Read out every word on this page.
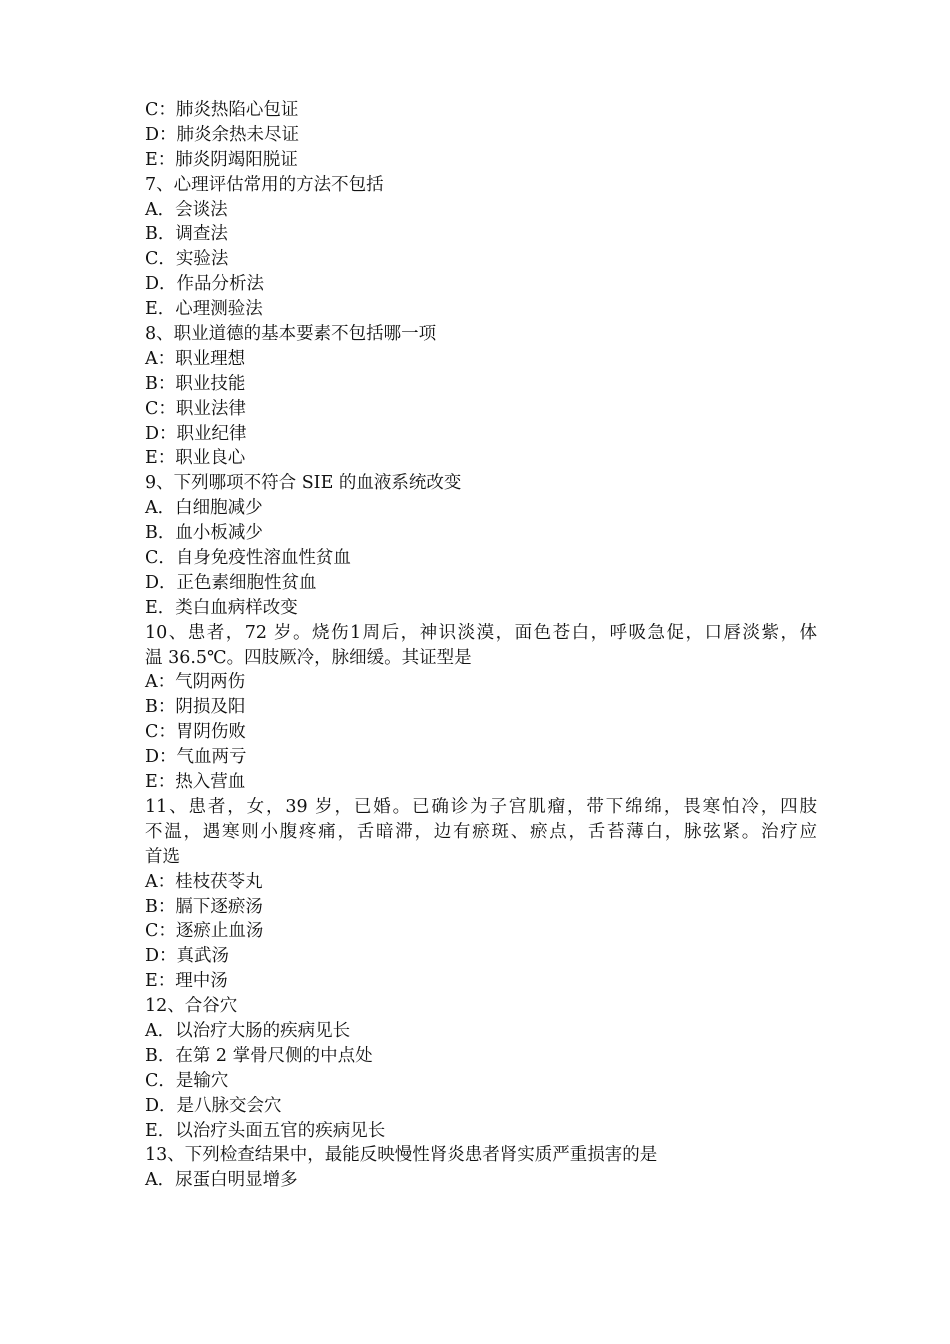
C：肺炎热陷心包证
D：肺炎余热未尽证
E：肺炎阴竭阳脱证
7、心理评估常用的方法不包括
A．会谈法
B．调查法
C．实验法
D．作品分析法
E．心理测验法
8、职业道德的基本要素不包括哪一项
A：职业理想
B：职业技能
C：职业法律
D：职业纪律
E：职业良心
9、下列哪项不符合 SIE 的血液系统改变
A．白细胞减少
B．血小板减少
C．自身免疫性溶血性贫血
D．正色素细胞性贫血
E．类白血病样改变
10、患者，72 岁。烧伤1周后，神识淡漠，面色苍白，呼吸急促，口唇淡紫，体
温 36.5℃。四肢厥冷，脉细缓。其证型是
A：气阴两伤
B：阴损及阳
C：胃阴伤败
D：气血两亏
E：热入营血
11、患者，女，39 岁，已婚。已确诊为子宫肌瘤，带下绵绵，畏寒怕冷，四肢
不温，遇寒则小腹疼痛，舌暗滞，边有瘀斑、瘀点，舌苔薄白，脉弦紧。治疗应
首选
A：桂枝茯苓丸
B：膈下逐瘀汤
C：逐瘀止血汤
D：真武汤
E：理中汤
12、合谷穴
A．以治疗大肠的疾病见长
B．在第 2 掌骨尺侧的中点处
C．是输穴
D．是八脉交会穴
E．以治疗头面五官的疾病见长
13、下列检查结果中，最能反映慢性肾炎患者肾实质严重损害的是
A．尿蛋白明显增多
